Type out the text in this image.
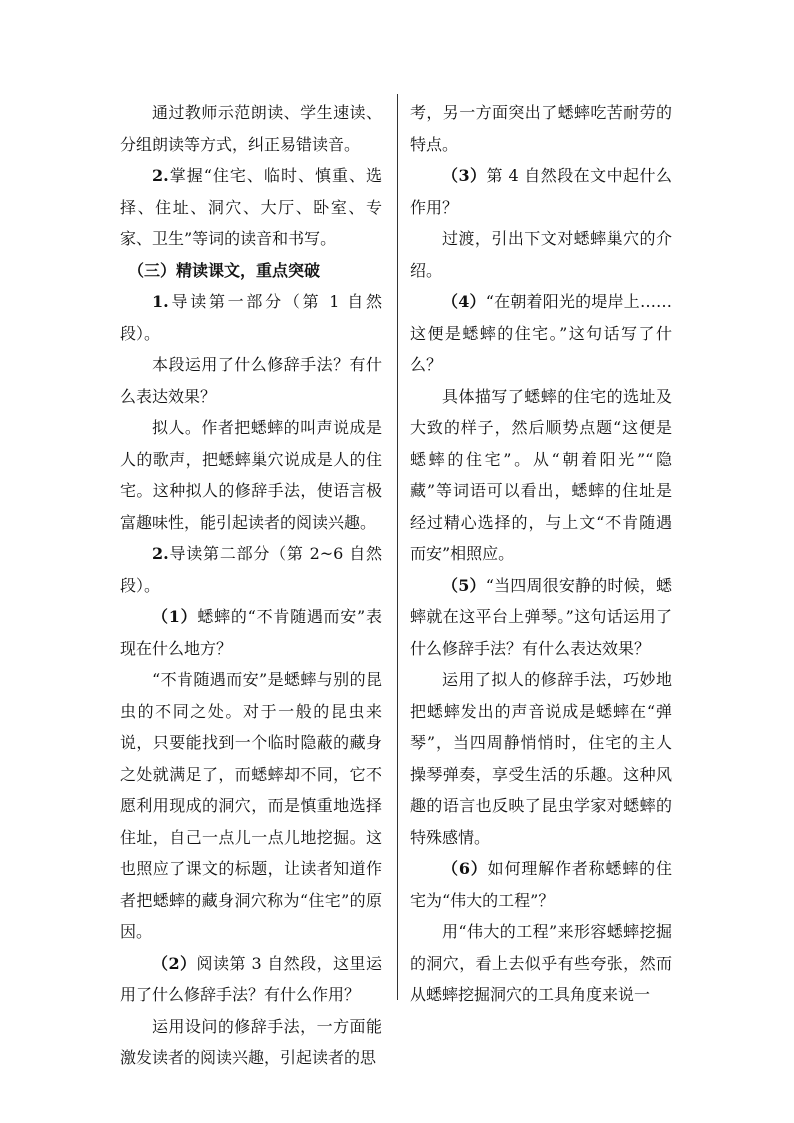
通过教师示范朗读、学生速读、分组朗读等方式，纠正易错读音。

2.掌握“住宅、临时、慎重、选择、住址、洞穴、大厅、卧室、专家、卫生”等词的读音和书写。

（三）精读课文，重点突破

1.导读第一部分（第 1 自然段）。

本段运用了什么修辞手法？有什么表达效果？

拟人。作者把蟋蟀的叫声说成是人的歌声，把蟋蟀巢穴说成是人的住宅。这种拟人的修辞手法，使语言极富趣味性，能引起读者的阅读兴趣。

2.导读第二部分（第 2~6 自然段）。

（1）蟋蟀的“不肯随遇而安”表现在什么地方？

“不肯随遇而安”是蟋蟀与别的昆虫的不同之处。对于一般的昆虫来说，只要能找到一个临时隐蔽的藏身之处就满足了，而蟋蟀却不同，它不愿利用现成的洞穴，而是慎重地选择住址，自己一点儿一点儿地挖掘。这也照应了课文的标题，让读者知道作者把蟋蟀的藏身洞穴称为“住宅”的原因。

（2）阅读第 3 自然段，这里运用了什么修辞手法？有什么作用？

运用设问的修辞手法，一方面能激发读者的阅读兴趣，引起读者的思

考，另一方面突出了蟋蟀吃苦耐劳的特点。

（3）第 4 自然段在文中起什么作用？

过渡，引出下文对蟋蟀巢穴的介绍。

（4）“在朝着阳光的堤岸上……这便是蟋蟀的住宅。”这句话写了什么？

具体描写了蟋蟀的住宅的选址及大致的样子，然后顺势点题“这便是蟋蟀的住宅”。从“朝着阳光”“隐藏”等词语可以看出，蟋蟀的住址是经过精心选择的，与上文“不肯随遇而安”相照应。

（5）“当四周很安静的时候，蟋蟀就在这平台上弹琴。”这句话运用了什么修辞手法？有什么表达效果？

运用了拟人的修辞手法，巧妙地把蟋蟀发出的声音说成是蟋蟀在“弹琴”，当四周静悄悄时，住宅的主人操琴弹奏，享受生活的乐趣。这种风趣的语言也反映了昆虫学家对蟋蟀的特殊感情。

（6）如何理解作者称蟋蟀的住宅为“伟大的工程”？

用“伟大的工程”来形容蟋蟀挖掘的洞穴，看上去似乎有些夸张，然而从蟋蟀挖掘洞穴的工具角度来说一
